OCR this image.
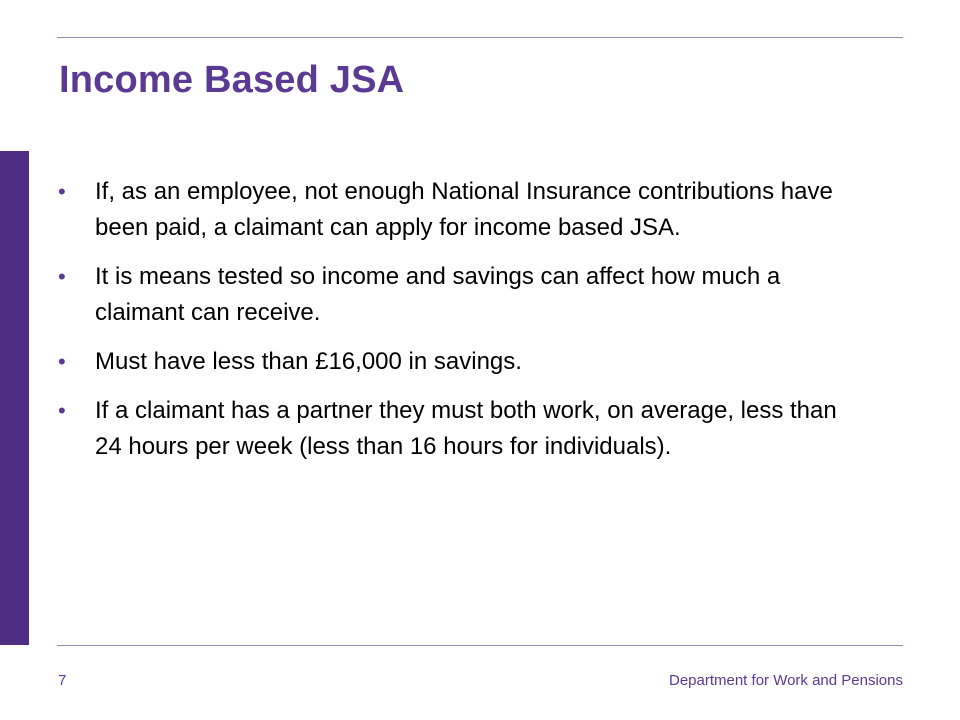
Income Based JSA
• If, as an employee, not enough National Insurance contributions have been paid, a claimant can apply for income based JSA.
• It is means tested so income and savings can affect how much a claimant can receive.
• Must have less than £16,000 in savings.
• If a claimant has a partner they must both work, on average, less than 24 hours per week (less than 16 hours for individuals).
7	Department for Work and Pensions
